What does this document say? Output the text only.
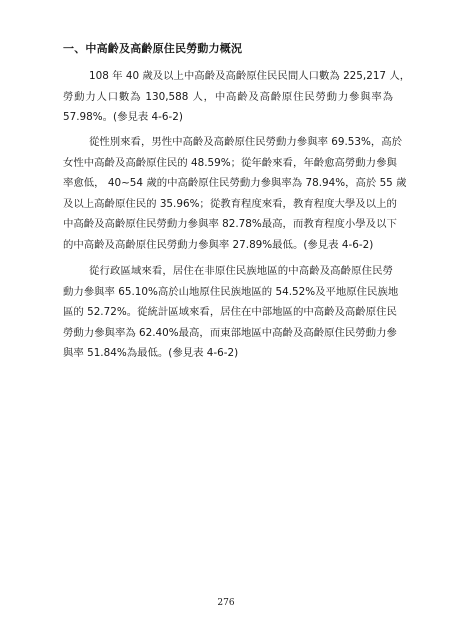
一、中高齡及高齡原住民勞動力概況
108 年 40 歲及以上中高齡及高齡原住民民間人口數為 225,217 人，
勞動力人口數為 130,588 人，中高齡及高齡原住民勞動力參與率為
57.98%。(參見表 4-6-2)
從性別來看，男性中高齡及高齡原住民勞動力參與率 69.53%，高於
女性中高齡及高齡原住民的 48.59%；從年齡來看，年齡愈高勞動力參與
率愈低， 40~54 歲的中高齡原住民勞動力參與率為 78.94%，高於 55 歲
及以上高齡原住民的 35.96%；從教育程度來看，教育程度大學及以上的
中高齡及高齡原住民勞動力參與率 82.78%最高，而教育程度小學及以下
的中高齡及高齡原住民勞動力參與率 27.89%最低。(參見表 4-6-2)
從行政區域來看，居住在非原住民族地區的中高齡及高齡原住民勞
動力參與率 65.10%高於山地原住民族地區的 54.52%及平地原住民族地
區的 52.72%。從統計區域來看，居住在中部地區的中高齡及高齡原住民
勞動力參與率為 62.40%最高，而東部地區中高齡及高齡原住民勞動力參
與率 51.84%為最低。(參見表 4-6-2)
276
